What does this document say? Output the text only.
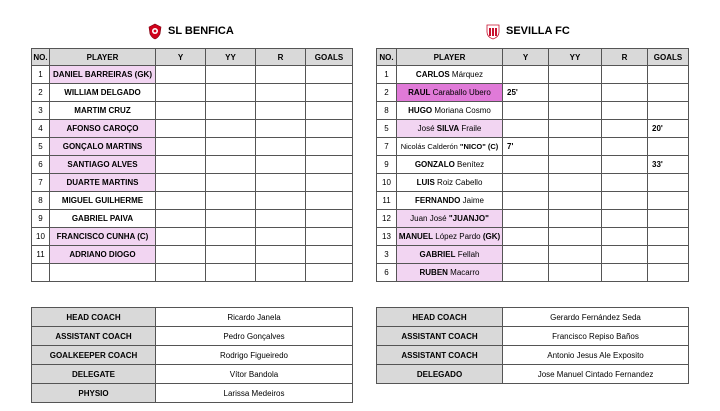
SL BENFICA	SEVILLA FC
NO.	PLAYER	Y	YY	R	GOALS
1	DANIEL BARREIRAS (GK)				
2	WILLIAM DELGADO				
3	MARTIM CRUZ				
4	AFONSO CAROÇO				
5	GONÇALO MARTINS				
6	SANTIAGO ALVES				
7	DUARTE MARTINS				
8	MIGUEL GUILHERME				
9	GABRIEL PAIVA				
10	FRANCISCO CUNHA (C)				
11	ADRIANO DIOGO				

NO.	PLAYER	Y	YY	R	GOALS
1	CARLOS Márquez				
2	RAUL Caraballo Ubero	25'			
8	HUGO Moriana Cosmo				
5	José SILVA Fraile				20'
7	Nicolás Calderón "NICO" (C)	7'			
9	GONZALO Benítez				33'
10	LUIS Roiz Cabello				
11	FERNANDO Jaime				
12	Juan José "JUANJO"				
13	MANUEL López Pardo (GK)				
3	GABRIEL Fellah				
6	RUBEN Macarro				
HEAD COACH	Ricardo Janela
ASSISTANT COACH	Pedro Gonçalves
GOALKEEPER COACH	Rodrigo Figueiredo
DELEGATE	Vítor Bandola
PHYSIO	Larissa Medeiros
HEAD COACH	Gerardo Fernández Seda
ASSISTANT COACH	Francisco Repiso Baños
ASSISTANT COACH	Antonio Jesus Ale Exposito
DELEGADO	Jose Manuel Cintado Fernandez
